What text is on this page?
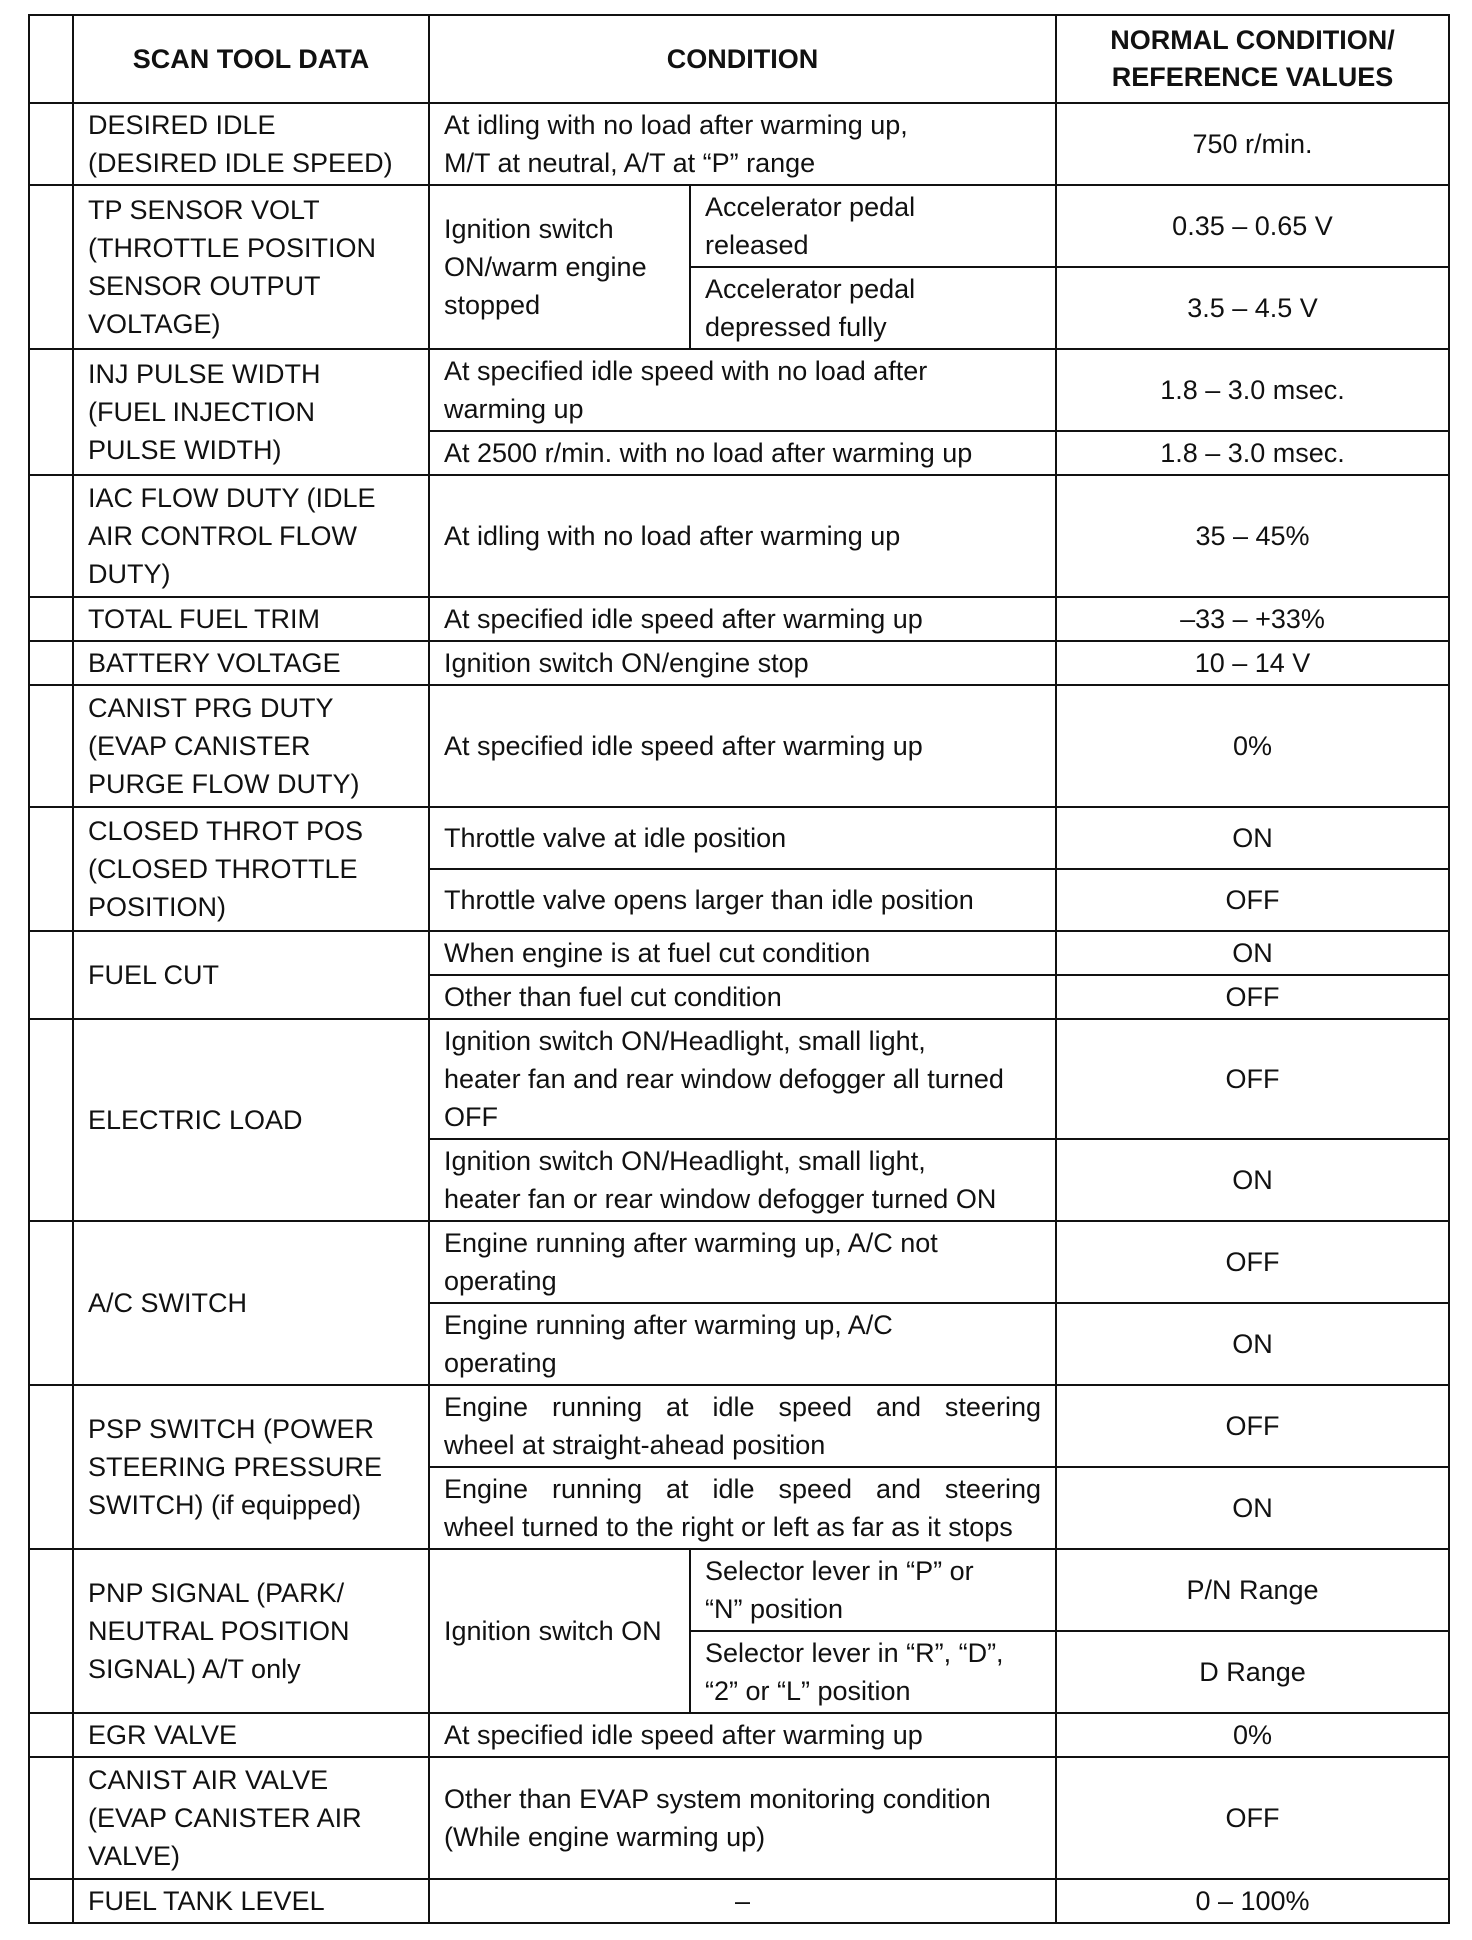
	SCAN TOOL DATA	CONDITION		NORMAL CONDITION/
REFERENCE VALUES

	DESIRED IDLE
(DESIRED IDLE SPEED)	At idling with no load after warming up,
M/T at neutral, A/T at “P” range		750 r/min.

	TP SENSOR VOLT
(THROTTLE POSITION
SENSOR OUTPUT
VOLTAGE)	Ignition switch
ON/warm engine
stopped	Accelerator pedal
released	0.35 – 0.65 V

			Accelerator pedal
depressed fully	3.5 – 4.5 V

	INJ PULSE WIDTH
(FUEL INJECTION
PULSE WIDTH)	At specified idle speed with no load after
warming up		1.8 – 3.0 msec.
		At 2500 r/min. with no load after warming up		1.8 – 3.0 msec.

	IAC FLOW DUTY (IDLE
AIR CONTROL FLOW
DUTY)	At idling with no load after warming up		35 – 45%
	TOTAL FUEL TRIM	At specified idle speed after warming up		–33 – +33%
	BATTERY VOLTAGE	Ignition switch ON/engine stop		10 – 14 V

	CANIST PRG DUTY
(EVAP CANISTER
PURGE FLOW DUTY)	At specified idle speed after warming up		0%

	CLOSED THROT POS
(CLOSED THROTTLE
POSITION)	Throttle valve at idle position		ON
		Throttle valve opens larger than idle position		OFF
	FUEL CUT	When engine is at fuel cut condition		ON
		Other than fuel cut condition		OFF
	ELECTRIC LOAD	Ignition switch ON/Headlight, small light,
heater fan and rear window defogger all turned
OFF		OFF

		Ignition switch ON/Headlight, small light,
heater fan or rear window defogger turned ON		ON
	A/C SWITCH	Engine running after warming up, A/C not
operating		OFF

		Engine running after warming up, A/C
operating		ON

	PSP SWITCH (POWER
STEERING PRESSURE
SWITCH) (if equipped)	Engine running at idle speed and steering
wheel at straight-ahead position		OFF

		Engine running at idle speed and steering
wheel turned to the right or left as far as it stops		ON

	PNP SIGNAL (PARK/
NEUTRAL POSITION
SIGNAL) A/T only	Ignition switch ON	Selector lever in “P” or
“N” position	P/N Range

			Selector lever in “R”, “D”,
“2” or “L” position	D Range
	EGR VALVE	At specified idle speed after warming up		0%

	CANIST AIR VALVE
(EVAP CANISTER AIR
VALVE)	Other than EVAP system monitoring condition
(While engine warming up)		OFF
	FUEL TANK LEVEL	–		0 – 100%
